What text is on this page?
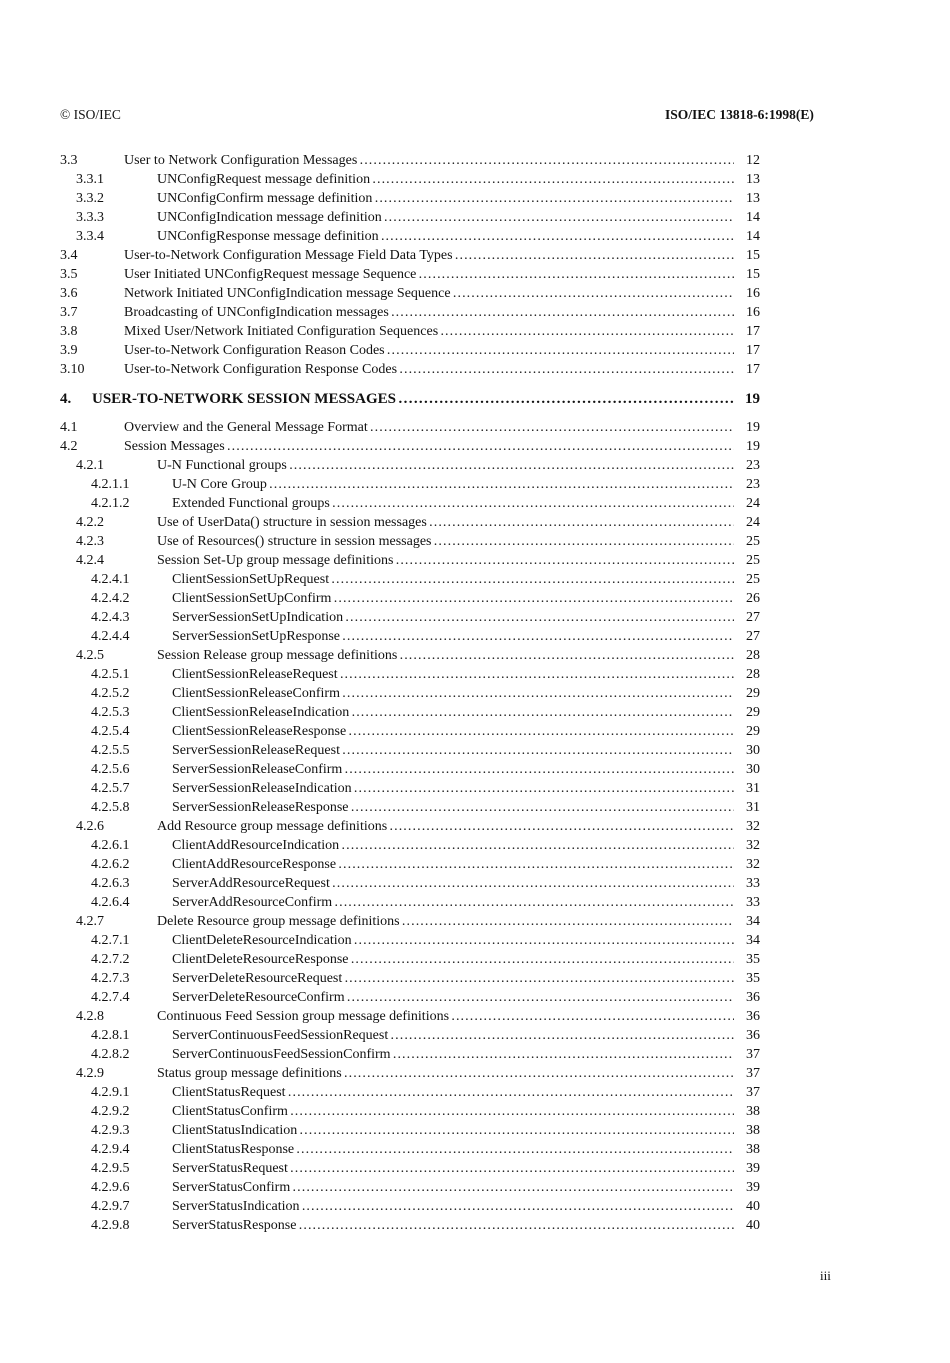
© ISO/IEC	ISO/IEC 13818-6:1998(E)
3.3	User to Network Configuration Messages . . .	12
3.3.1	UNConfigRequest message definition . . .	13
3.3.2	UNConfigConfirm message definition . . .	13
3.3.3	UNConfigIndication message definition . . .	14
3.3.4	UNConfigResponse message definition . . .	14
3.4	User-to-Network Configuration Message Field Data Types . . .	15
3.5	User Initiated UNConfigRequest message Sequence . . .	15
3.6	Network Initiated UNConfigIndication message Sequence . . .	16
3.7	Broadcasting of UNConfigIndication messages . . .	16
3.8	Mixed User/Network Initiated Configuration Sequences . . .	17
3.9	User-to-Network Configuration Reason Codes . . .	17
3.10	User-to-Network Configuration Response Codes . . .	17
4. USER-TO-NETWORK SESSION MESSAGES . . .	19
4.1	Overview and the General Message Format . . .	19
4.2	Session Messages . . .	19
4.2.1	U-N Functional groups . . .	23
4.2.1.1	U-N Core Group . . .	23
4.2.1.2	Extended Functional groups . . .	24
4.2.2	Use of UserData() structure in session messages . . .	24
4.2.3	Use of Resources() structure in session messages . . .	25
4.2.4	Session Set-Up group message definitions . . .	25
4.2.4.1	ClientSessionSetUpRequest . . .	25
4.2.4.2	ClientSessionSetUpConfirm . . .	26
4.2.4.3	ServerSessionSetUpIndication . . .	27
4.2.4.4	ServerSessionSetUpResponse . . .	27
4.2.5	Session Release group message definitions . . .	28
4.2.5.1	ClientSessionReleaseRequest . . .	28
4.2.5.2	ClientSessionReleaseConfirm . . .	29
4.2.5.3	ClientSessionReleaseIndication . . .	29
4.2.5.4	ClientSessionReleaseResponse . . .	29
4.2.5.5	ServerSessionReleaseRequest . . .	30
4.2.5.6	ServerSessionReleaseConfirm . . .	30
4.2.5.7	ServerSessionReleaseIndication . . .	31
4.2.5.8	ServerSessionReleaseResponse . . .	31
4.2.6	Add Resource group message definitions . . .	32
4.2.6.1	ClientAddResourceIndication . . .	32
4.2.6.2	ClientAddResourceResponse . . .	32
4.2.6.3	ServerAddResourceRequest . . .	33
4.2.6.4	ServerAddResourceConfirm . . .	33
4.2.7	Delete Resource group message definitions . . .	34
4.2.7.1	ClientDeleteResourceIndication . . .	34
4.2.7.2	ClientDeleteResourceResponse . . .	35
4.2.7.3	ServerDeleteResourceRequest . . .	35
4.2.7.4	ServerDeleteResourceConfirm . . .	36
4.2.8	Continuous Feed Session group message definitions . . .	36
4.2.8.1	ServerContinuousFeedSessionRequest . . .	36
4.2.8.2	ServerContinuousFeedSessionConfirm . . .	37
4.2.9	Status group message definitions . . .	37
4.2.9.1	ClientStatusRequest . . .	37
4.2.9.2	ClientStatusConfirm . . .	38
4.2.9.3	ClientStatusIndication . . .	38
4.2.9.4	ClientStatusResponse . . .	38
4.2.9.5	ServerStatusRequest . . .	39
4.2.9.6	ServerStatusConfirm . . .	39
4.2.9.7	ServerStatusIndication . . .	40
4.2.9.8	ServerStatusResponse . . .	40
iii
